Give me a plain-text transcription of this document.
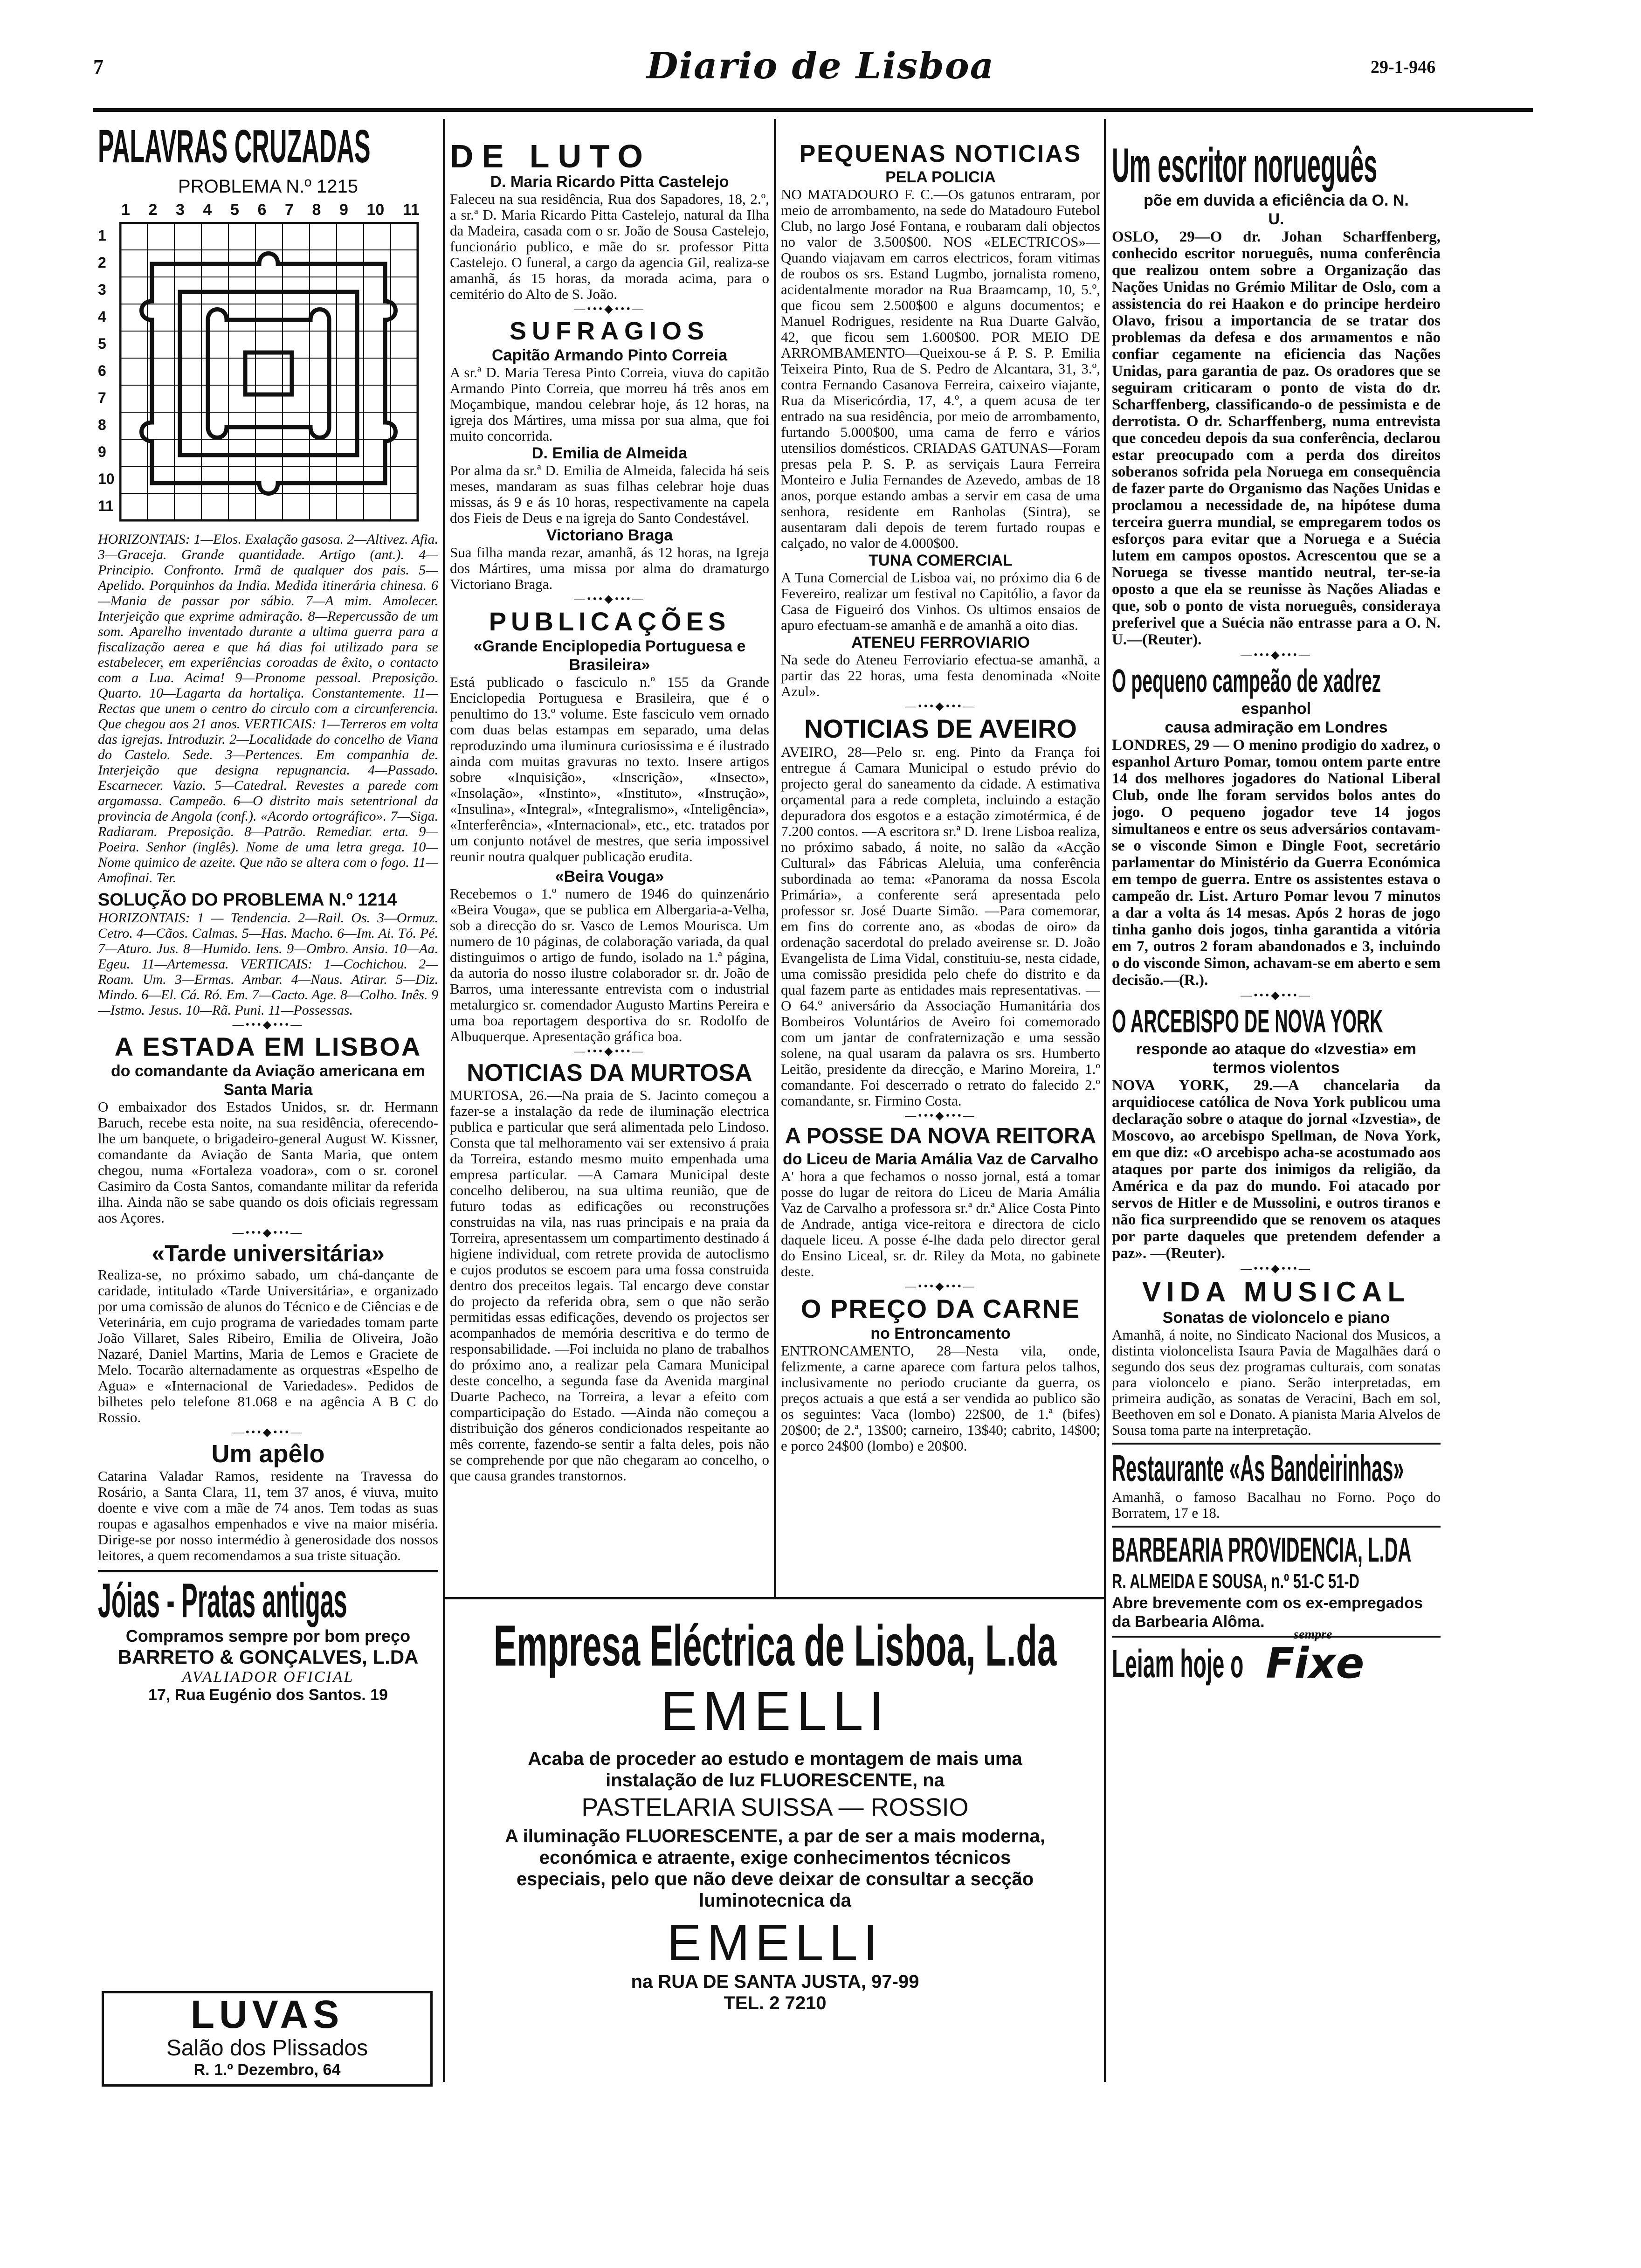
7	Diario de Lisboa	29-1-946
PALAVRAS CRUZADAS
PROBLEMA N.º 1215
1 2 3 4 5 6 7 8 9 10 11
1
2
3
4
5
6
7
8
9
10
11
HORIZONTAIS: 1—Elos. Exalação gasosa. 2—Altivez. Afia. 3—Graceja. Grande quantidade. Artigo (ant.). 4—Principio. Confronto. Irmã de qualquer dos pais. 5—Apelido. Porquinhos da India. Medida itinerária chinesa. 6—Mania de passar por sábio. 7—A mim. Amolecer. Interjeição que exprime admiração. 8—Repercussão de um som. Aparelho inventado durante a ultima guerra para a fiscalização aerea e que há dias foi utilizado para se estabelecer, em experiências coroadas de êxito, o contacto com a Lua. Acima! 9—Pronome pessoal. Preposição. Quarto. 10—Lagarta da hortaliça. Constantemente. 11—Rectas que unem o centro do circulo com a circunferencia. Que chegou aos 21 anos. VERTICAIS: 1—Terreros em volta das igrejas. Introduzir. 2—Localidade do concelho de Viana do Castelo. Sede. 3—Pertences. Em companhia de. Interjeição que designa repugnancia. 4—Passado. Escarnecer. Vazio. 5—Catedral. Revestes a parede com argamassa. Campeão. 6—O distrito mais setentrional da provincia de Angola (conf.). «Acordo ortográfico». 7—Siga. Radiaram. Preposição. 8—Patrão. Remediar. erta. 9—Poeira. Senhor (inglês). Nome de uma letra grega. 10—Nome quimico de azeite. Que não se altera com o fogo. 11—Amofinai. Ter.
SOLUÇÃO DO PROBLEMA N.º 1214
HORIZONTAIS: 1 — Tendencia. 2—Rail. Os. 3—Ormuz. Cetro. 4—Cãos. Calmas. 5—Has. Macho. 6—Im. Ai. Tó. Pé. 7—Aturo. Jus. 8—Humido. Iens. 9—Ombro. Ansia. 10—Aa. Egeu. 11—Artemessa. VERTICAIS: 1—Cochichou. 2—Roam. Um. 3—Ermas. Ambar. 4—Naus. Atirar. 5—Diz. Mindo. 6—El. Cá. Ró. Em. 7—Cacto. Age. 8—Colho. Inês. 9—Istmo. Jesus. 10—Rã. Puni. 11—Possessas.
—•••◆•••—
A ESTADA EM LISBOA
do comandante da Aviação americana em Santa Maria
O embaixador dos Estados Unidos, sr. dr. Hermann Baruch, recebe esta noite, na sua residência, oferecendo-lhe um banquete, o brigadeiro-general August W. Kissner, comandante da Aviação de Santa Maria, que ontem chegou, numa «Fortaleza voadora», com o sr. coronel Casimiro da Costa Santos, comandante militar da referida ilha. Ainda não se sabe quando os dois oficiais regressam aos Açores.
—•••◆•••—
«Tarde universitária»
Realiza-se, no próximo sabado, um chá-dançante de caridade, intitulado «Tarde Universitária», e organizado por uma comissão de alunos do Técnico e de Ciências e de Veterinária, em cujo programa de variedades tomam parte João Villaret, Sales Ribeiro, Emilia de Oliveira, João Nazaré, Daniel Martins, Maria de Lemos e Graciete de Melo. Tocarão alternadamente as orquestras «Espelho de Agua» e «Internacional de Variedades». Pedidos de bilhetes pelo telefone 81.068 e na agência A B C do Rossio.
—•••◆•••—
Um apêlo
Catarina Valadar Ramos, residente na Travessa do Rosário, a Santa Clara, 11, tem 37 anos, é viuva, muito doente e vive com a mãe de 74 anos. Tem todas as suas roupas e agasalhos empenhados e vive na maior miséria. Dirige-se por nosso intermédio à generosidade dos nossos leitores, a quem recomendamos a sua triste situação.
Jóias - Pratas antigas
Compramos sempre por bom preço
BARRETO & GONÇALVES, L.DA
AVALIADOR OFICIAL
17, Rua Eugénio dos Santos. 19
LUVAS
Salão dos Plissados
R. 1.º Dezembro, 64
DE LUTO
D. Maria Ricardo Pitta Castelejo
Faleceu na sua residência, Rua dos Sapadores, 18, 2.º, a sr.ª D. Maria Ricardo Pitta Castelejo, natural da Ilha da Madeira, casada com o sr. João de Sousa Castelejo, funcionário publico, e mãe do sr. professor Pitta Castelejo. O funeral, a cargo da agencia Gil, realiza-se amanhã, ás 15 horas, da morada acima, para o cemitério do Alto de S. João.
—•••◆•••—
SUFRAGIOS
Capitão Armando Pinto Correia
A sr.ª D. Maria Teresa Pinto Correia, viuva do capitão Armando Pinto Correia, que morreu há três anos em Moçambique, mandou celebrar hoje, ás 12 horas, na igreja dos Mártires, uma missa por sua alma, que foi muito concorrida.
D. Emilia de Almeida
Por alma da sr.ª D. Emilia de Almeida, falecida há seis meses, mandaram as suas filhas celebrar hoje duas missas, ás 9 e ás 10 horas, respectivamente na capela dos Fieis de Deus e na igreja do Santo Condestável.
Victoriano Braga
Sua filha manda rezar, amanhã, ás 12 horas, na Igreja dos Mártires, uma missa por alma do dramaturgo Victoriano Braga.
—•••◆•••—
PUBLICAÇÕES
«Grande Enciplopedia Portuguesa e Brasileira»
Está publicado o fasciculo n.º 155 da Grande Enciclopedia Portuguesa e Brasileira, que é o penultimo do 13.º volume. Este fasciculo vem ornado com duas belas estampas em separado, uma delas reproduzindo uma iluminura curiosissima e é ilustrado ainda com muitas gravuras no texto. Insere artigos sobre «Inquisição», «Inscrição», «Insecto», «Insolação», «Instinto», «Instituto», «Instrução», «Insulina», «Integral», «Integralismo», «Inteligência», «Interferência», «Internacional», etc., etc. tratados por um conjunto notável de mestres, que seria impossivel reunir noutra qualquer publicação erudita.
«Beira Vouga»
Recebemos o 1.º numero de 1946 do quinzenário «Beira Vouga», que se publica em Albergaria-a-Velha, sob a direcção do sr. Vasco de Lemos Mourisca. Um numero de 10 páginas, de colaboração variada, da qual distinguimos o artigo de fundo, isolado na 1.ª página, da autoria do nosso ilustre colaborador sr. dr. João de Barros, uma interessante entrevista com o industrial metalurgico sr. comendador Augusto Martins Pereira e uma boa reportagem desportiva do sr. Rodolfo de Albuquerque. Apresentação gráfica boa.
—•••◆•••—
NOTICIAS DA MURTOSA
MURTOSA, 26.—Na praia de S. Jacinto começou a fazer-se a instalação da rede de iluminação electrica publica e particular que será alimentada pelo Lindoso. Consta que tal melhoramento vai ser extensivo á praia da Torreira, estando mesmo muito empenhada uma empresa particular. —A Camara Municipal deste concelho deliberou, na sua ultima reunião, que de futuro todas as edificações ou reconstruções construidas na vila, nas ruas principais e na praia da Torreira, apresentassem um compartimento destinado á higiene individual, com retrete provida de autoclismo e cujos produtos se escoem para uma fossa construida dentro dos preceitos legais. Tal encargo deve constar do projecto da referida obra, sem o que não serão permitidas essas edificações, devendo os projectos ser acompanhados de memória descritiva e do termo de responsabilidade. —Foi incluida no plano de trabalhos do próximo ano, a realizar pela Camara Municipal deste concelho, a segunda fase da Avenida marginal Duarte Pacheco, na Torreira, a levar a efeito com comparticipação do Estado. —Ainda não começou a distribuição dos géneros condicionados respeitante ao mês corrente, fazendo-se sentir a falta deles, pois não se comprehende por que não chegaram ao concelho, o que causa grandes transtornos.
PEQUENAS NOTICIAS
PELA POLICIA
NO MATADOURO F. C.—Os gatunos entraram, por meio de arrombamento, na sede do Matadouro Futebol Club, no largo José Fontana, e roubaram dali objectos no valor de 3.500$00. NOS «ELECTRICOS»—Quando viajavam em carros electricos, foram vitimas de roubos os srs. Estand Lugmbo, jornalista romeno, acidentalmente morador na Rua Braamcamp, 10, 5.º, que ficou sem 2.500$00 e alguns documentos; e Manuel Rodrigues, residente na Rua Duarte Galvão, 42, que ficou sem 1.600$00. POR MEIO DE ARROMBAMENTO—Queixou-se á P. S. P. Emilia Teixeira Pinto, Rua de S. Pedro de Alcantara, 31, 3.º, contra Fernando Casanova Ferreira, caixeiro viajante, Rua da Misericórdia, 17, 4.º, a quem acusa de ter entrado na sua residência, por meio de arrombamento, furtando 5.000$00, uma cama de ferro e vários utensilios domésticos. CRIADAS GATUNAS—Foram presas pela P. S. P. as serviçais Laura Ferreira Monteiro e Julia Fernandes de Azevedo, ambas de 18 anos, porque estando ambas a servir em casa de uma senhora, residente em Ranholas (Sintra), se ausentaram dali depois de terem furtado roupas e calçado, no valor de 4.000$00.
TUNA COMERCIAL
A Tuna Comercial de Lisboa vai, no próximo dia 6 de Fevereiro, realizar um festival no Capitólio, a favor da Casa de Figueiró dos Vinhos. Os ultimos ensaios de apuro efectuam-se amanhã e de amanhã a oito dias.
ATENEU FERROVIARIO
Na sede do Ateneu Ferroviario efectua-se amanhã, a partir das 22 horas, uma festa denominada «Noite Azul».
—•••◆•••—
NOTICIAS DE AVEIRO
AVEIRO, 28—Pelo sr. eng. Pinto da França foi entregue á Camara Municipal o estudo prévio do projecto geral do saneamento da cidade. A estimativa orçamental para a rede completa, incluindo a estação depuradora dos esgotos e a estação zimotérmica, é de 7.200 contos. —A escritora sr.ª D. Irene Lisboa realiza, no próximo sabado, á noite, no salão da «Acção Cultural» das Fábricas Aleluia, uma conferência subordinada ao tema: «Panorama da nossa Escola Primária», a conferente será apresentada pelo professor sr. José Duarte Simão. —Para comemorar, em fins do corrente ano, as «bodas de oiro» da ordenação sacerdotal do prelado aveirense sr. D. João Evangelista de Lima Vidal, constituiu-se, nesta cidade, uma comissão presidida pelo chefe do distrito e da qual fazem parte as entidades mais representativas. —O 64.º aniversário da Associação Humanitária dos Bombeiros Voluntários de Aveiro foi comemorado com um jantar de confraternização e uma sessão solene, na qual usaram da palavra os srs. Humberto Leitão, presidente da direcção, e Marino Moreira, 1.º comandante. Foi descerrado o retrato do falecido 2.º comandante, sr. Firmino Costa.
—•••◆•••—
A POSSE DA NOVA REITORA
do Liceu de Maria Amália Vaz de Carvalho
A' hora a que fechamos o nosso jornal, está a tomar posse do lugar de reitora do Liceu de Maria Amália Vaz de Carvalho a professora sr.ª dr.ª Alice Costa Pinto de Andrade, antiga vice-reitora e directora de ciclo daquele liceu. A posse é-lhe dada pelo director geral do Ensino Liceal, sr. dr. Riley da Mota, no gabinete deste.
—•••◆•••—
O PREÇO DA CARNE
no Entroncamento
ENTRONCAMENTO, 28—Nesta vila, onde, felizmente, a carne aparece com fartura pelos talhos, inclusivamente no periodo cruciante da guerra, os preços actuais a que está a ser vendida ao publico são os seguintes: Vaca (lombo) 22$00, de 1.ª (bifes) 20$00; de 2.ª, 13$00; carneiro, 13$40; cabrito, 14$00; e porco 24$00 (lombo) e 20$00.
Empresa Eléctrica de Lisboa, L.da
EMELLI
Acaba de proceder ao estudo e montagem de mais uma instalação de luz FLUORESCENTE, na
PASTELARIA SUISSA — ROSSIO
A iluminação FLUORESCENTE, a par de ser a mais moderna, económica e atraente, exige conhecimentos técnicos especiais, pelo que não deve deixar de consultar a secção luminotecnica da
EMELLI
na RUA DE SANTA JUSTA, 97-99
TEL. 2 7210
Um escritor norueguês
põe em duvida a eficiência da O. N. U.
OSLO, 29—O dr. Johan Scharffenberg, conhecido escritor norueguês, numa conferência que realizou ontem sobre a Organização das Nações Unidas no Grémio Militar de Oslo, com a assistencia do rei Haakon e do principe herdeiro Olavo, frisou a importancia de se tratar dos problemas da defesa e dos armamentos e não confiar cegamente na eficiencia das Nações Unidas, para garantia de paz. Os oradores que se seguiram criticaram o ponto de vista do dr. Scharffenberg, classificando-o de pessimista e de derrotista. O dr. Scharffenberg, numa entrevista que concedeu depois da sua conferência, declarou estar preocupado com a perda dos direitos soberanos sofrida pela Noruega em consequência de fazer parte do Organismo das Nações Unidas e proclamou a necessidade de, na hipótese duma terceira guerra mundial, se empregarem todos os esforços para evitar que a Noruega e a Suécia lutem em campos opostos. Acrescentou que se a Noruega se tivesse mantido neutral, ter-se-ia oposto a que ela se reunisse às Nações Aliadas e que, sob o ponto de vista norueguês, consideraya preferivel que a Suécia não entrasse para a O. N. U.—(Reuter).
—•••◆•••—
O pequeno campeão de xadrez
espanhol
causa admiração em Londres
LONDRES, 29 — O menino prodigio do xadrez, o espanhol Arturo Pomar, tomou ontem parte entre 14 dos melhores jogadores do National Liberal Club, onde lhe foram servidos bolos antes do jogo. O pequeno jogador teve 14 jogos simultaneos e entre os seus adversários contavam-se o visconde Simon e Dingle Foot, secretário parlamentar do Ministério da Guerra Económica em tempo de guerra. Entre os assistentes estava o campeão dr. List. Arturo Pomar levou 7 minutos a dar a volta ás 14 mesas. Após 2 horas de jogo tinha ganho dois jogos, tinha garantida a vitória em 7, outros 2 foram abandonados e 3, incluindo o do visconde Simon, achavam-se em aberto e sem decisão.—(R.).
—•••◆•••—
O ARCEBISPO DE NOVA YORK
responde ao ataque do «Izvestia» em termos violentos
NOVA YORK, 29.—A chancelaria da arquidiocese católica de Nova York publicou uma declaração sobre o ataque do jornal «Izvestia», de Moscovo, ao arcebispo Spellman, de Nova York, em que diz: «O arcebispo acha-se acostumado aos ataques por parte dos inimigos da religião, da América e da paz do mundo. Foi atacado por servos de Hitler e de Mussolini, e outros tiranos e não fica surpreendido que se renovem os ataques por parte daqueles que pretendem defender a paz». —(Reuter).
—•••◆•••—
VIDA MUSICAL
Sonatas de violoncelo e piano
Amanhã, á noite, no Sindicato Nacional dos Musicos, a distinta violoncelista Isaura Pavia de Magalhães dará o segundo dos seus dez programas culturais, com sonatas para violoncelo e piano. Serão interpretadas, em primeira audição, as sonatas de Veracini, Bach em sol, Beethoven em sol e Donato. A pianista Maria Alvelos de Sousa toma parte na interpretação.
Restaurante «As Bandeirinhas»
Amanhã, o famoso Bacalhau no Forno. Poço do Borratem, 17 e 18.
BARBEARIA PROVIDENCIA, L.DA
R. ALMEIDA E SOUSA, n.º 51-C 51-D
Abre brevemente com os ex-empregados da Barbearia Alôma.
Leiam hoje o
sempre
Fixe
